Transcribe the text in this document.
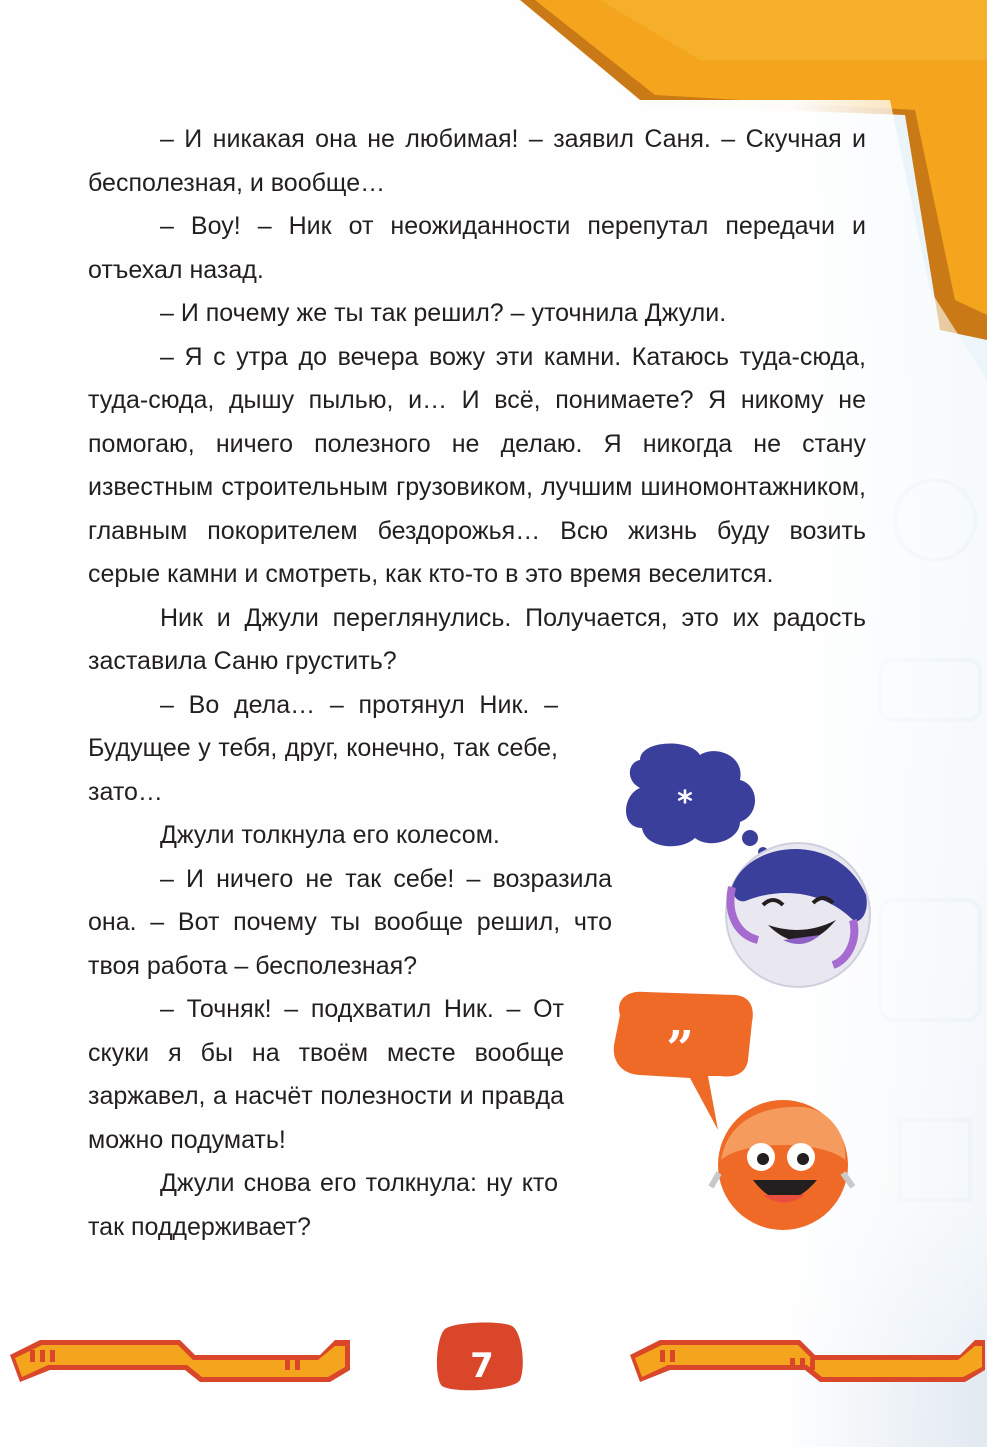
– И никакая она не любимая! – заявил Саня. – Скучная и бесполезная, и вообще…

– Воу! – Ник от неожиданности перепутал передачи и отъехал назад.

– И почему же ты так решил? – уточнила Джули.

– Я с утра до вечера вожу эти камни. Катаюсь туда-сюда, туда-сюда, дышу пылью, и… И всё, понимаете? Я никому не помогаю, ничего полезного не делаю. Я никогда не стану известным строительным грузовиком, лучшим шиномонтажником, главным покорителем бездорожья… Всю жизнь буду возить серые камни и смотреть, как кто-то в это время веселится.

Ник и Джули переглянулись. Получается, это их радость заставила Саню грустить?

– Во дела… – протянул Ник. – Будущее у тебя, друг, конечно, так себе, зато…

Джули толкнула его колесом.

– И ничего не так себе! – возразила она. – Вот почему ты вообще решил, что твоя работа – бесполезная?

– Точняк! – подхватил Ник. – От скуки я бы на твоём месте вообще заржавел, а насчёт полезности и правда можно подумать!

Джули снова его толкнула: ну кто так поддерживает?

*
”
7
